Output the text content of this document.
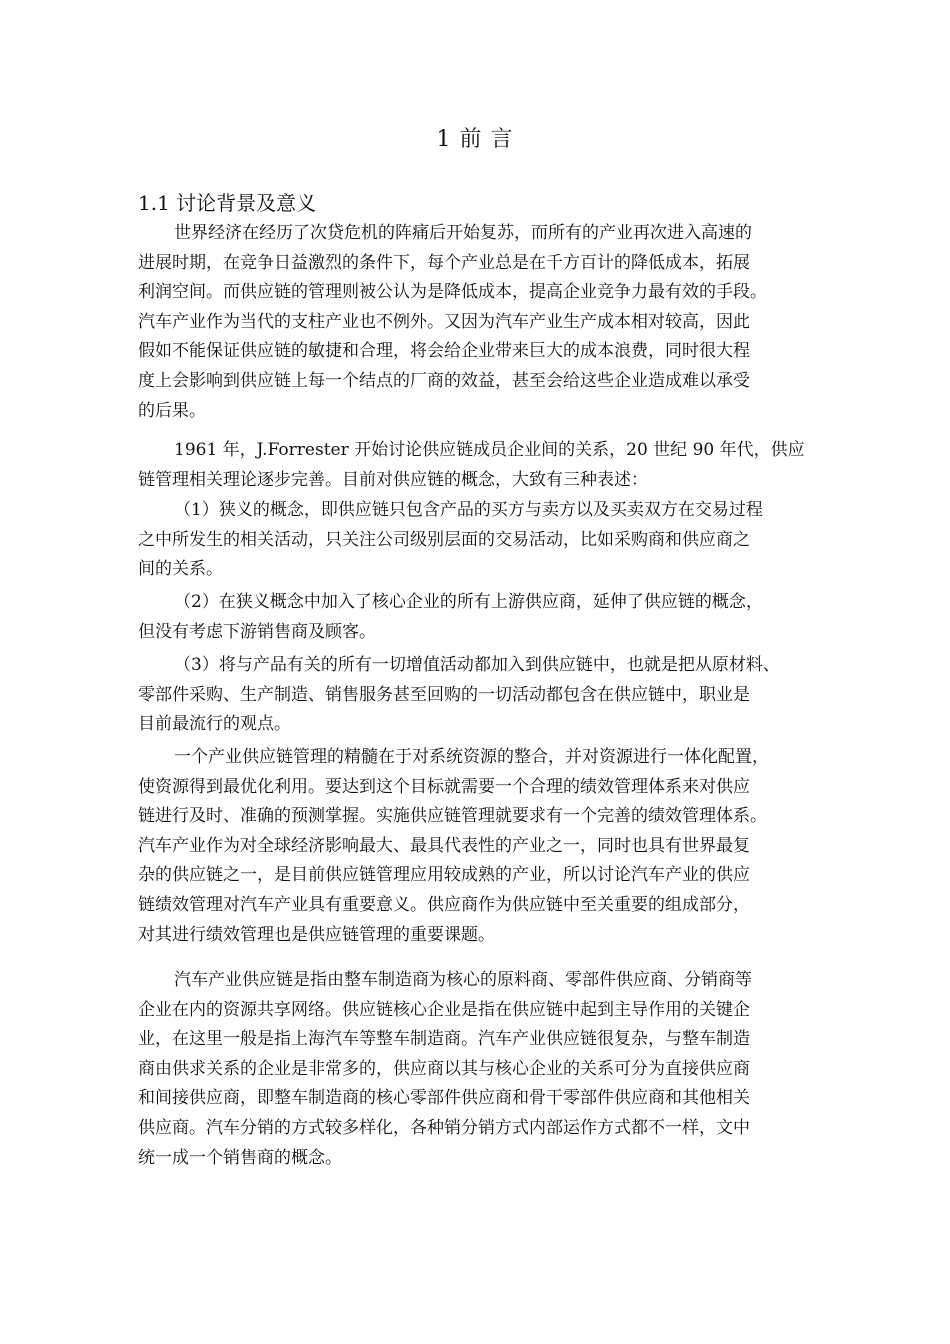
1 前 言
1.1 讨论背景及意义

世界经济在经历了次贷危机的阵痛后开始复苏，而所有的产业再次进入高速的
进展时期，在竞争日益激烈的条件下，每个产业总是在千方百计的降低成本，拓展
利润空间。而供应链的管理则被公认为是降低成本，提高企业竞争力最有效的手段。
汽车产业作为当代的支柱产业也不例外。又因为汽车产业生产成本相对较高，因此
假如不能保证供应链的敏捷和合理，将会给企业带来巨大的成本浪费，同时很大程
度上会影响到供应链上每一个结点的厂商的效益，甚至会给这些企业造成难以承受
的后果。

1961 年，J.Forrester 开始讨论供应链成员企业间的关系，20 世纪 90 年代，供应
链管理相关理论逐步完善。目前对供应链的概念，大致有三种表述：

（1）狭义的概念，即供应链只包含产品的买方与卖方以及买卖双方在交易过程
之中所发生的相关活动，只关注公司级别层面的交易活动，比如采购商和供应商之
间的关系。

（2）在狭义概念中加入了核心企业的所有上游供应商，延伸了供应链的概念，
但没有考虑下游销售商及顾客。

（3）将与产品有关的所有一切增值活动都加入到供应链中，也就是把从原材料、
零部件采购、生产制造、销售服务甚至回购的一切活动都包含在供应链中，职业是
目前最流行的观点。

一个产业供应链管理的精髓在于对系统资源的整合，并对资源进行一体化配置，
使资源得到最优化利用。要达到这个目标就需要一个合理的绩效管理体系来对供应
链进行及时、准确的预测掌握。实施供应链管理就要求有一个完善的绩效管理体系。
汽车产业作为对全球经济影响最大、最具代表性的产业之一，同时也具有世界最复
杂的供应链之一，是目前供应链管理应用较成熟的产业，所以讨论汽车产业的供应
链绩效管理对汽车产业具有重要意义。供应商作为供应链中至关重要的组成部分，
对其进行绩效管理也是供应链管理的重要课题。

汽车产业供应链是指由整车制造商为核心的原料商、零部件供应商、分销商等
企业在内的资源共享网络。供应链核心企业是指在供应链中起到主导作用的关键企
业，在这里一般是指上海汽车等整车制造商。汽车产业供应链很复杂，与整车制造
商由供求关系的企业是非常多的，供应商以其与核心企业的关系可分为直接供应商
和间接供应商，即整车制造商的核心零部件供应商和骨干零部件供应商和其他相关
供应商。汽车分销的方式较多样化，各种销分销方式内部运作方式都不一样，文中
统一成一个销售商的概念。
